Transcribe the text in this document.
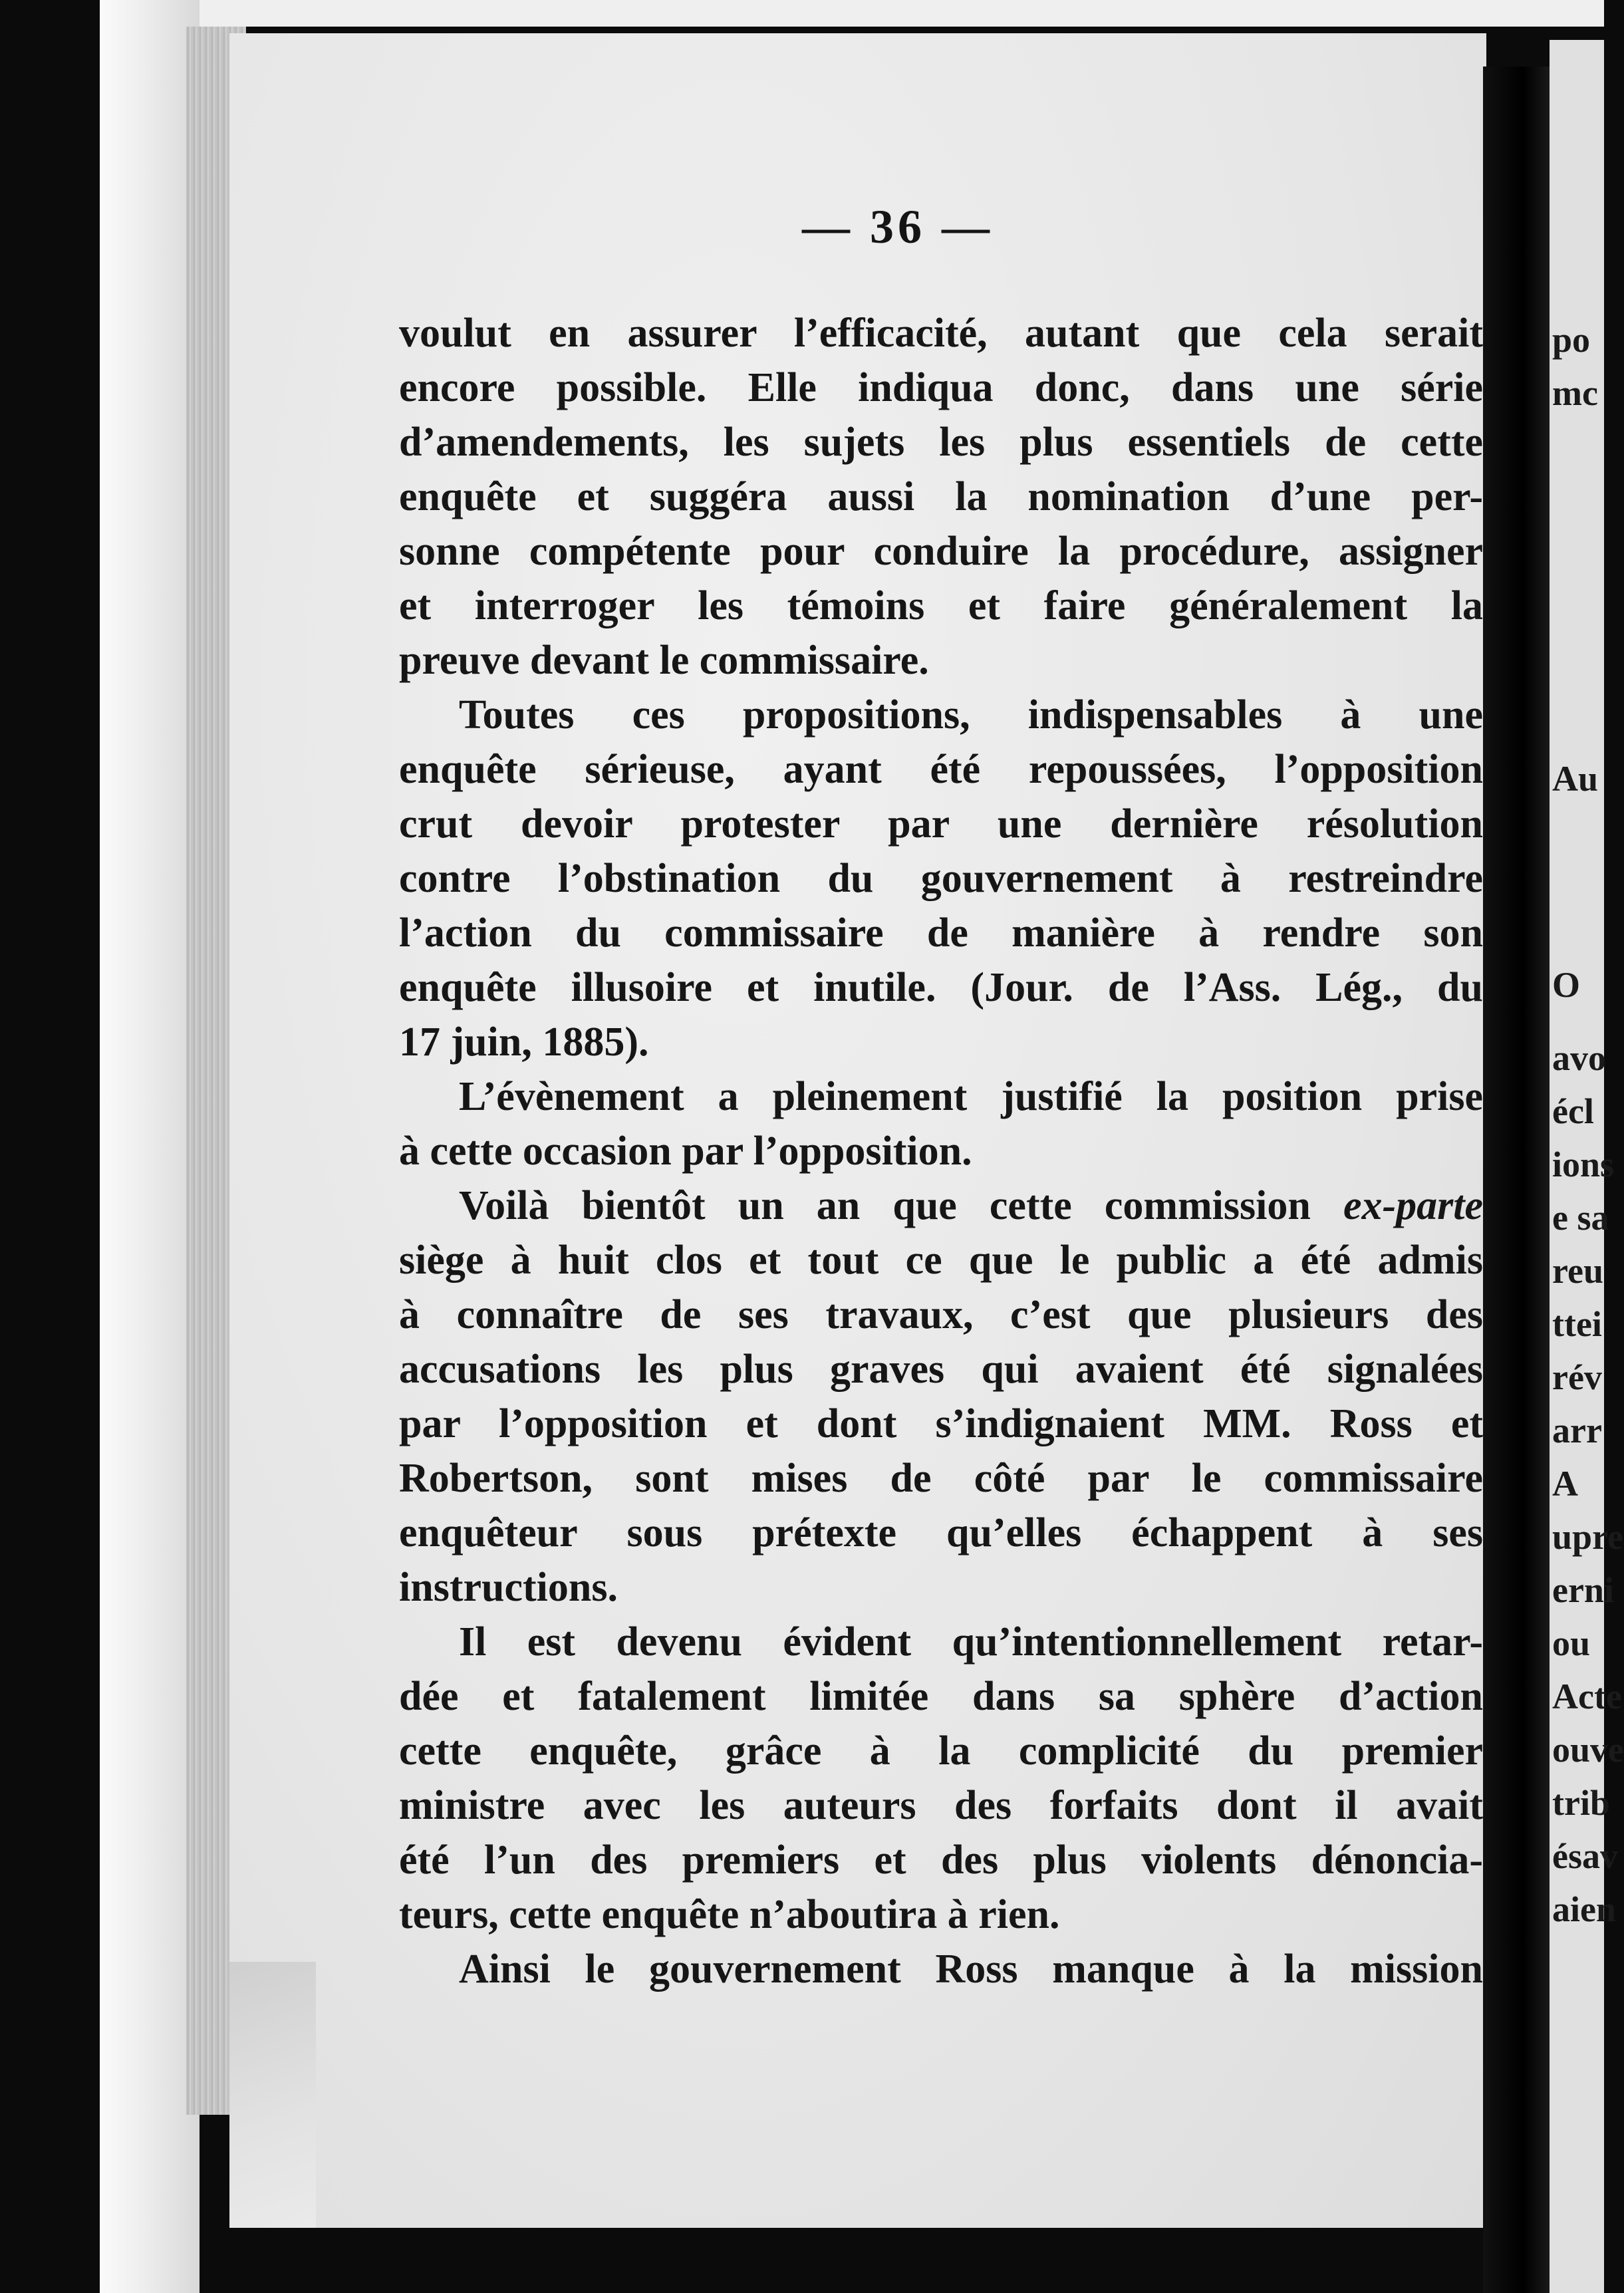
— 36 —
voulut en assurer l’efficacité, autant que cela serait
encore possible. Elle indiqua donc, dans une série
d’amendements, les sujets les plus essentiels de cette
enquête et suggéra aussi la nomination d’une per-
sonne compétente pour conduire la procédure, assigner
et interroger les témoins et faire généralement la
preuve devant le commissaire.
Toutes ces propositions, indispensables à une
enquête sérieuse, ayant été repoussées, l’opposition
crut devoir protester par une dernière résolution
contre l’obstination du gouvernement à restreindre
l’action du commissaire de manière à rendre son
enquête illusoire et inutile. (Jour. de l’Ass. Lég., du
17 juin, 1885).
L’évènement a pleinement justifié la position prise
à cette occasion par l’opposition.
Voilà bientôt un an que cette commission ex-parte
siège à huit clos et tout ce que le public a été admis
à connaître de ses travaux, c’est que plusieurs des
accusations les plus graves qui avaient été signalées
par l’opposition et dont s’indignaient MM. Ross et
Robertson, sont mises de côté par le commissaire
enquêteur sous prétexte qu’elles échappent à ses
instructions.
Il est devenu évident qu’intentionnellement retar-
dée et fatalement limitée dans sa sphère d’action
cette enquête, grâce à la complicité du premier
ministre avec les auteurs des forfaits dont il avait
été l’un des premiers et des plus violents dénoncia-
teurs, cette enquête n’aboutira à rien.
Ainsi le gouvernement Ross manque à la mission
po
mc
Au
O
avo
écl
ions
e sa
reu
ttei
rév
arr
A
upre
erni
ou
Acte
ouve
trib
ésav
aien
